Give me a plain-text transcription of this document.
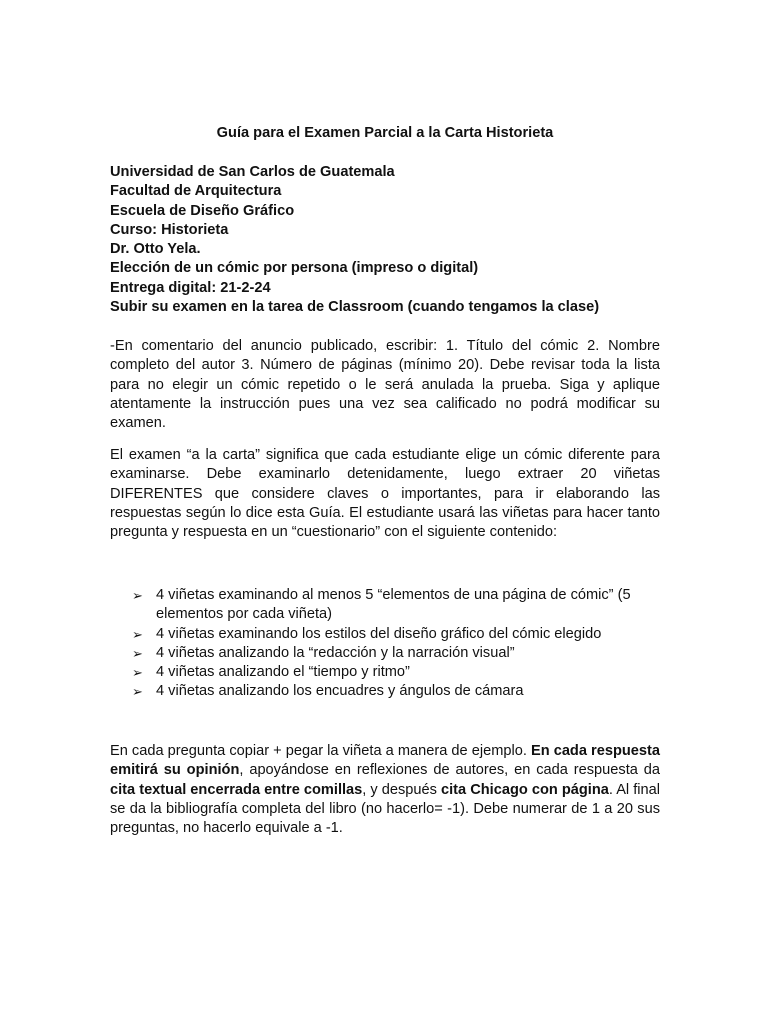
Guía para el Examen Parcial a la Carta Historieta
Universidad de San Carlos de Guatemala
Facultad de Arquitectura
Escuela de Diseño Gráfico
Curso: Historieta
Dr. Otto Yela.
Elección de un cómic por persona (impreso o digital)
Entrega digital: 21-2-24
Subir su examen en la tarea de Classroom (cuando tengamos la clase)
-En comentario del anuncio publicado, escribir: 1. Título del cómic 2. Nombre completo del autor 3. Número de páginas (mínimo 20). Debe revisar toda la lista para no elegir un cómic repetido o le será anulada la prueba. Siga y aplique atentamente la instrucción pues una vez sea calificado no podrá modificar su examen.
El examen “a la carta” significa que cada estudiante elige un cómic diferente para examinarse. Debe examinarlo detenidamente, luego extraer 20 viñetas DIFERENTES que considere claves o importantes, para ir elaborando las respuestas según lo dice esta Guía. El estudiante usará las viñetas para hacer tanto pregunta y respuesta en un “cuestionario” con el siguiente contenido:
➢ 4 viñetas examinando al menos 5 “elementos de una página de cómic” (5 elementos por cada viñeta)
➢ 4 viñetas examinando los estilos del diseño gráfico del cómic elegido
➢ 4 viñetas analizando la “redacción y la narración visual”
➢ 4 viñetas analizando el “tiempo y ritmo”
➢ 4 viñetas analizando los encuadres y ángulos de cámara
En cada pregunta copiar + pegar la viñeta a manera de ejemplo. En cada respuesta emitirá su opinión, apoyándose en reflexiones de autores, en cada respuesta da cita textual encerrada entre comillas, y después cita Chicago con página. Al final se da la bibliografía completa del libro (no hacerlo= -1). Debe numerar de 1 a 20 sus preguntas, no hacerlo equivale a -1.
